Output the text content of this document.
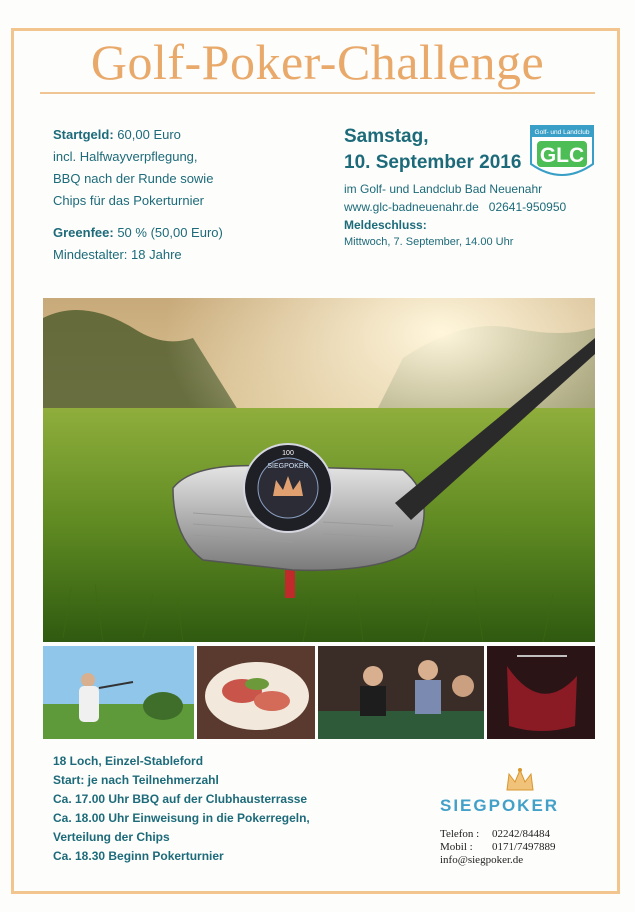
Golf-Poker-Challenge
Startgeld: 60,00 Euro
incl. Halfwayverpflegung,
BBQ nach der Runde sowie
Chips für das Pokerturnier
Greenfee: 50 % (50,00 Euro)
Mindestalter: 18 Jahre
Samstag,
10. September 2016
im Golf- und Landclub Bad Neuenahr
www.glc-badneuenahr.de 02641-950950
Meldeschluss:
Mittwoch, 7. September, 14.00 Uhr
Golf- und Landclub
GLC
100
SIEGPOKER
18 Loch, Einzel-Stableford
Start: je nach Teilnehmerzahl
Ca. 17.00 Uhr BBQ auf der Clubhausterrasse
Ca. 18.00 Uhr Einweisung in die Pokerregeln,
Verteilung der Chips
Ca. 18.30 Beginn Pokerturnier
SIEGPOKER
Telefon : 02242/84484
Mobil : 0171/7497889
info@siegpoker.de
